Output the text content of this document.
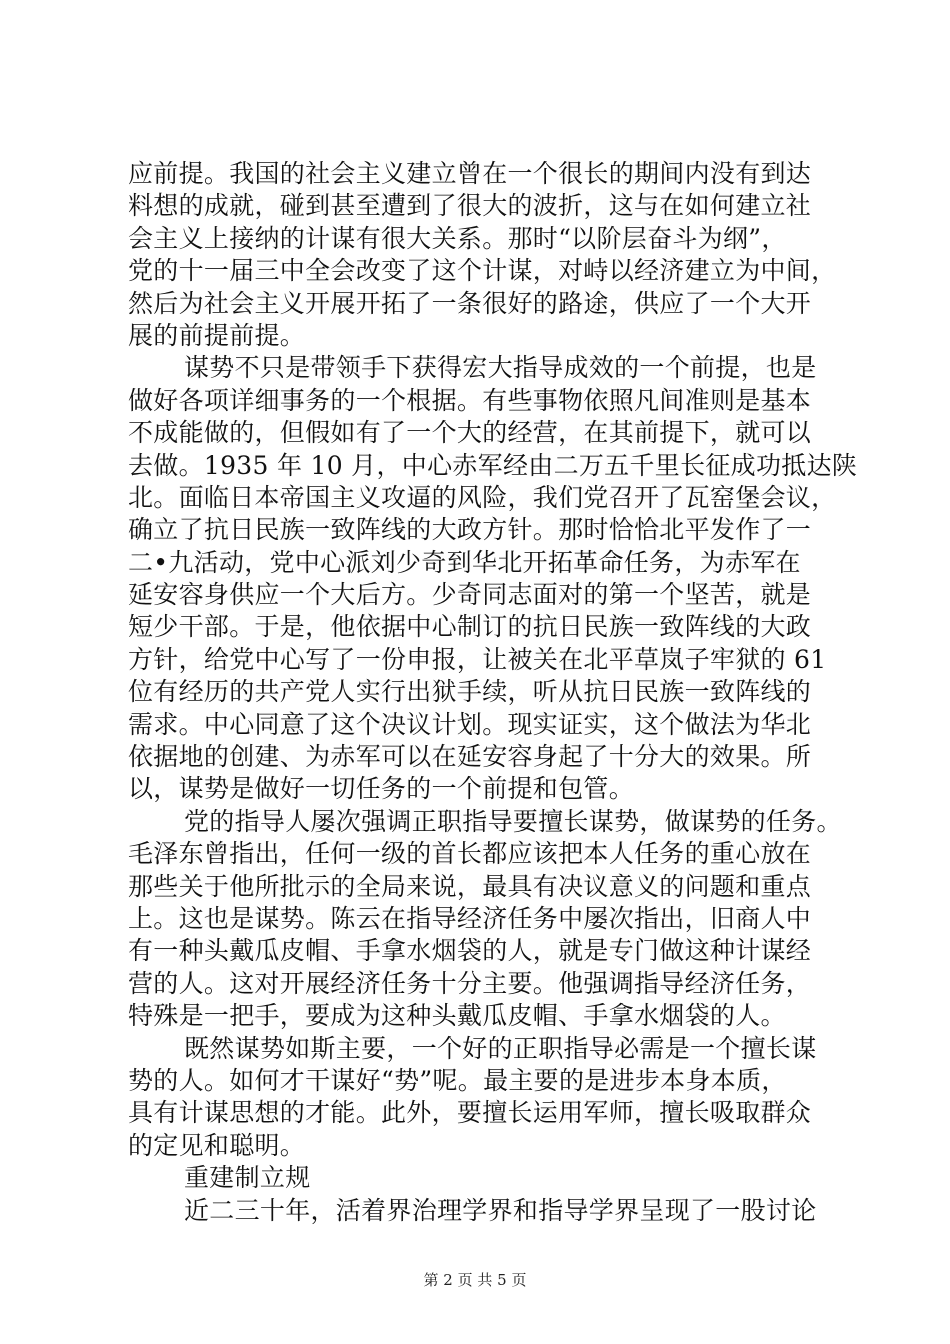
应前提。我国的社会主义建立曾在一个很长的期间内没有到达
料想的成就，碰到甚至遭到了很大的波折，这与在如何建立社
会主义上接纳的计谋有很大关系。那时“以阶层奋斗为纲”，
党的十一届三中全会改变了这个计谋，对峙以经济建立为中间，
然后为社会主义开展开拓了一条很好的路途，供应了一个大开
展的前提前提。
谋势不只是带领手下获得宏大指导成效的一个前提，也是
做好各项详细事务的一个根据。有些事物依照凡间准则是基本
不成能做的，但假如有了一个大的经营，在其前提下，就可以
去做。1935 年 10 月，中心赤军经由二万五千里长征成功抵达陕
北。面临日本帝国主义攻逼的风险，我们党召开了瓦窑堡会议，
确立了抗日民族一致阵线的大政方针。那时恰恰北平发作了一
二•九活动，党中心派刘少奇到华北开拓革命任务，为赤军在
延安容身供应一个大后方。少奇同志面对的第一个坚苦，就是
短少干部。于是，他依据中心制订的抗日民族一致阵线的大政
方针，给党中心写了一份申报，让被关在北平草岚子牢狱的 61
位有经历的共产党人实行出狱手续，听从抗日民族一致阵线的
需求。中心同意了这个决议计划。现实证实，这个做法为华北
依据地的创建、为赤军可以在延安容身起了十分大的效果。所
以，谋势是做好一切任务的一个前提和包管。
党的指导人屡次强调正职指导要擅长谋势，做谋势的任务。
毛泽东曾指出，任何一级的首长都应该把本人任务的重心放在
那些关于他所批示的全局来说，最具有决议意义的问题和重点
上。这也是谋势。陈云在指导经济任务中屡次指出，旧商人中
有一种头戴瓜皮帽、手拿水烟袋的人，就是专门做这种计谋经
营的人。这对开展经济任务十分主要。他强调指导经济任务，
特殊是一把手，要成为这种头戴瓜皮帽、手拿水烟袋的人。
既然谋势如斯主要，一个好的正职指导必需是一个擅长谋
势的人。如何才干谋好“势”呢。最主要的是进步本身本质，
具有计谋思想的才能。此外，要擅长运用军师，擅长吸取群众
的定见和聪明。
重建制立规
近二三十年，活着界治理学界和指导学界呈现了一股讨论
第 2 页 共 5 页
